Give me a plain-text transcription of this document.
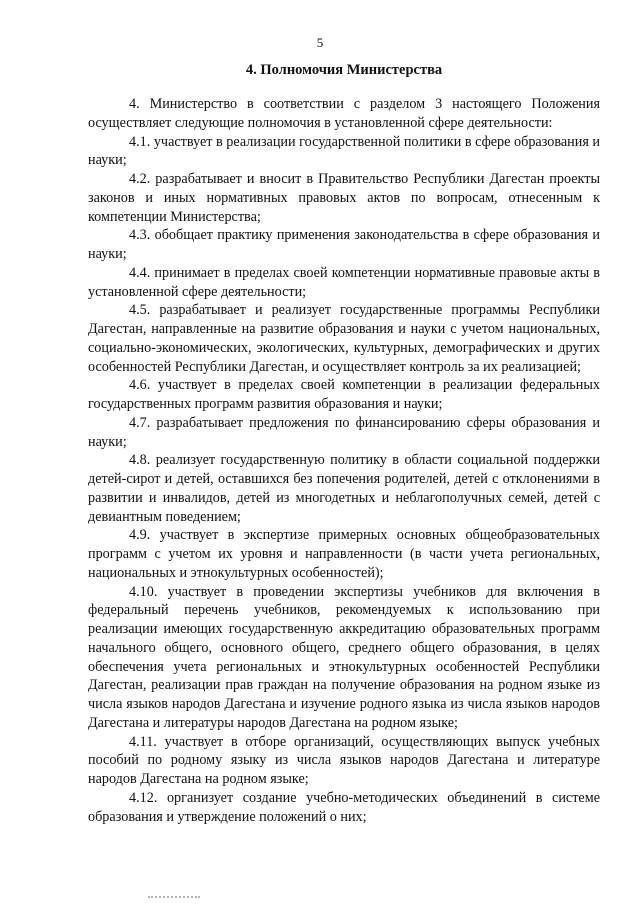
5
4. Полномочия Министерства

4. Министерство в соответствии с разделом 3 настоящего Положения осуществляет следующие полномочия в установленной сфере деятельности:

4.1. участвует в реализации государственной политики в сфере образования и науки;

4.2. разрабатывает и вносит в Правительство Республики Дагестан проекты законов и иных нормативных правовых актов по вопросам, отнесенным к компетенции Министерства;

4.3. обобщает практику применения законодательства в сфере образования и науки;

4.4. принимает в пределах своей компетенции нормативные правовые акты в установленной сфере деятельности;

4.5. разрабатывает и реализует государственные программы Республики Дагестан, направленные на развитие образования и науки с учетом национальных, социально-экономических, экологических, культурных, демографических и других особенностей Республики Дагестан, и осуществляет контроль за их реализацией;

4.6. участвует в пределах своей компетенции в реализации федеральных государственных программ развития образования и науки;

4.7. разрабатывает предложения по финансированию сферы образования и науки;

4.8. реализует государственную политику в области социальной поддержки детей-сирот и детей, оставшихся без попечения родителей, детей с отклонениями в развитии и инвалидов, детей из многодетных и неблагополучных семей, детей с девиантным поведением;

4.9. участвует в экспертизе примерных основных общеобразовательных программ с учетом их уровня и направленности (в части учета региональных, национальных и этнокультурных особенностей);

4.10. участвует в проведении экспертизы учебников для включения в федеральный перечень учебников, рекомендуемых к использованию при реализации имеющих государственную аккредитацию образовательных программ начального общего, основного общего, среднего общего образования, в целях обеспечения учета региональных и этнокультурных особенностей Республики Дагестан, реализации прав граждан на получение образования на родном языке из числа языков народов Дагестана и изучение родного языка из числа языков народов Дагестана и литературы народов Дагестана на родном языке;

4.11. участвует в отборе организаций, осуществляющих выпуск учебных пособий по родному языку из числа языков народов Дагестана и литературе народов Дагестана на родном языке;

4.12. организует создание учебно-методических объединений в системе образования и утверждение положений о них;
